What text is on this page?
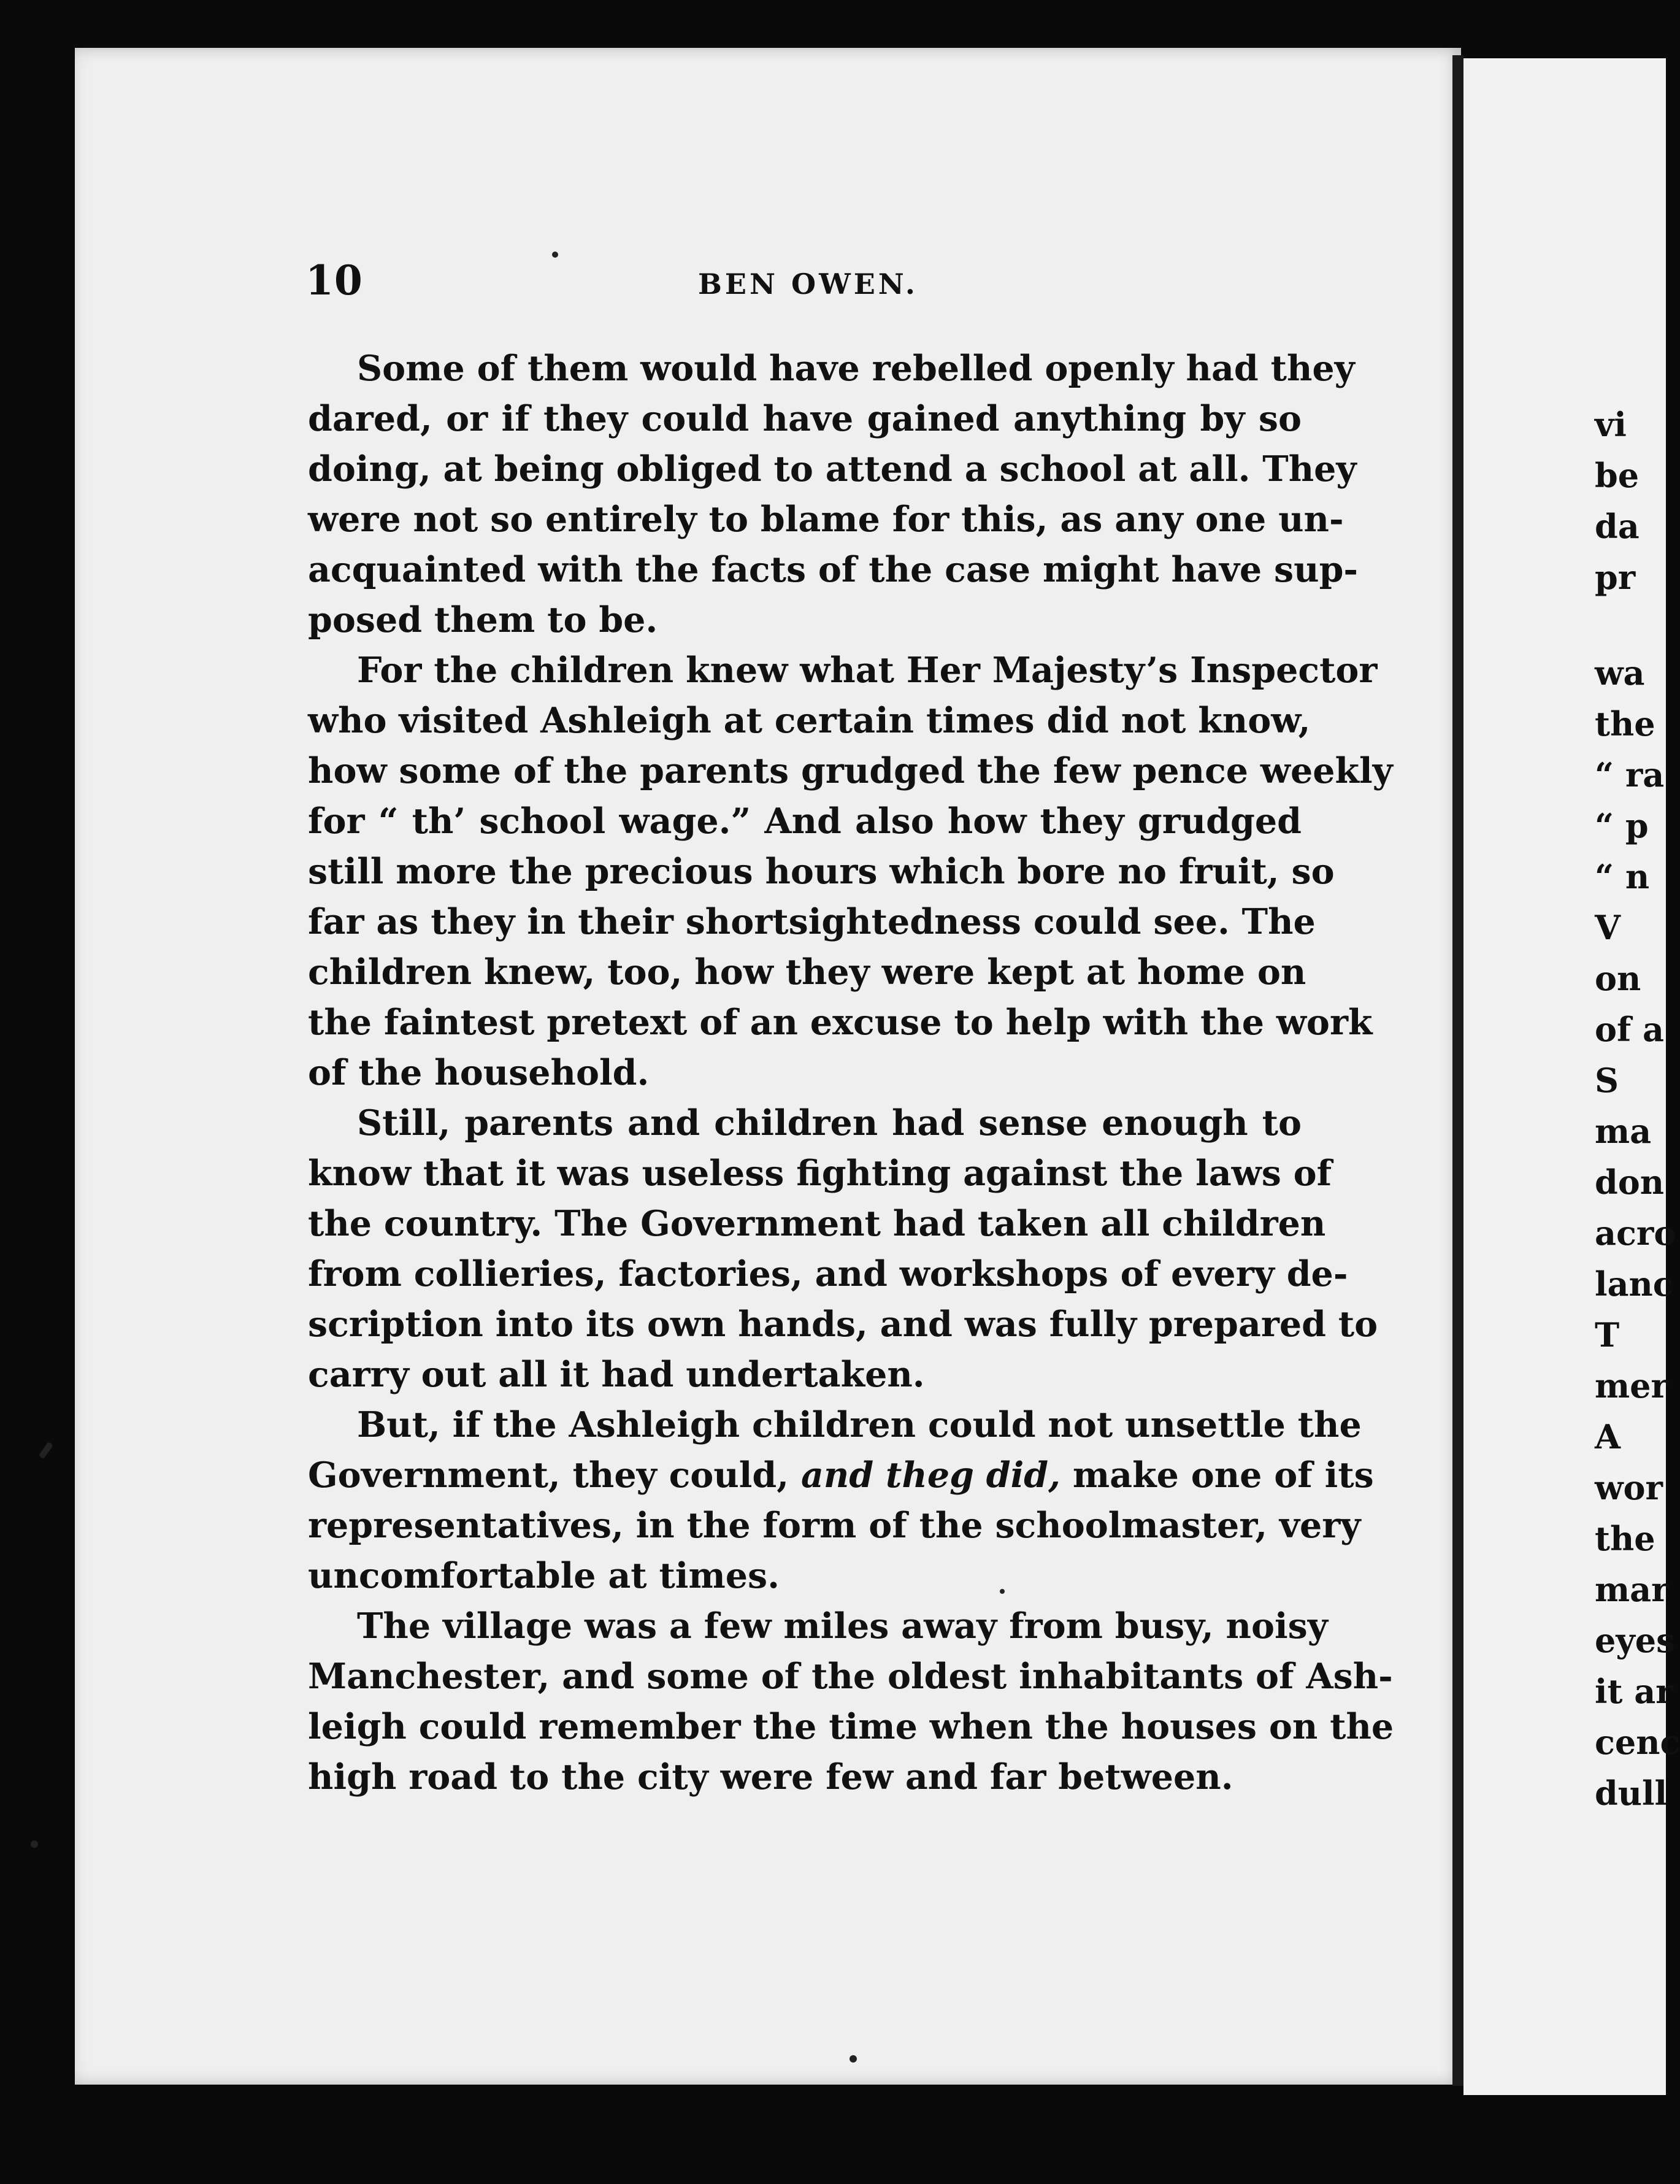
10	BEN OWEN.
Some of them would have rebelled openly had they
dared, or if they could have gained anything by so
doing, at being obliged to attend a school at all. They
were not so entirely to blame for this, as any one un-
acquainted with the facts of the case might have sup-
posed them to be.
For the children knew what Her Majesty’s Inspector
who visited Ashleigh at certain times did not know,
how some of the parents grudged the few pence weekly
for “ th’ school wage.” And also how they grudged
still more the precious hours which bore no fruit, so
far as they in their shortsightedness could see. The
children knew, too, how they were kept at home on
the faintest pretext of an excuse to help with the work
of the household.
Still, parents and children had sense enough to
know that it was useless fighting against the laws of
the country. The Government had taken all children
from collieries, factories, and workshops of every de-
scription into its own hands, and was fully prepared to
carry out all it had undertaken.
But, if the Ashleigh children could not unsettle the
Government, they could, and theg did, make one of its
representatives, in the form of the schoolmaster, very
uncomfortable at times.
The village was a few miles away from busy, noisy
Manchester, and some of the oldest inhabitants of Ash-
leigh could remember the time when the houses on the
high road to the city were few and far between.
vi
be
da
pr
wa
the
“ ra
“ p
“ n
V
on
of a
S
ma
don
acro
lanc
T
mer
A
wor
the
mar
eyes
it ar
cenc
dull
